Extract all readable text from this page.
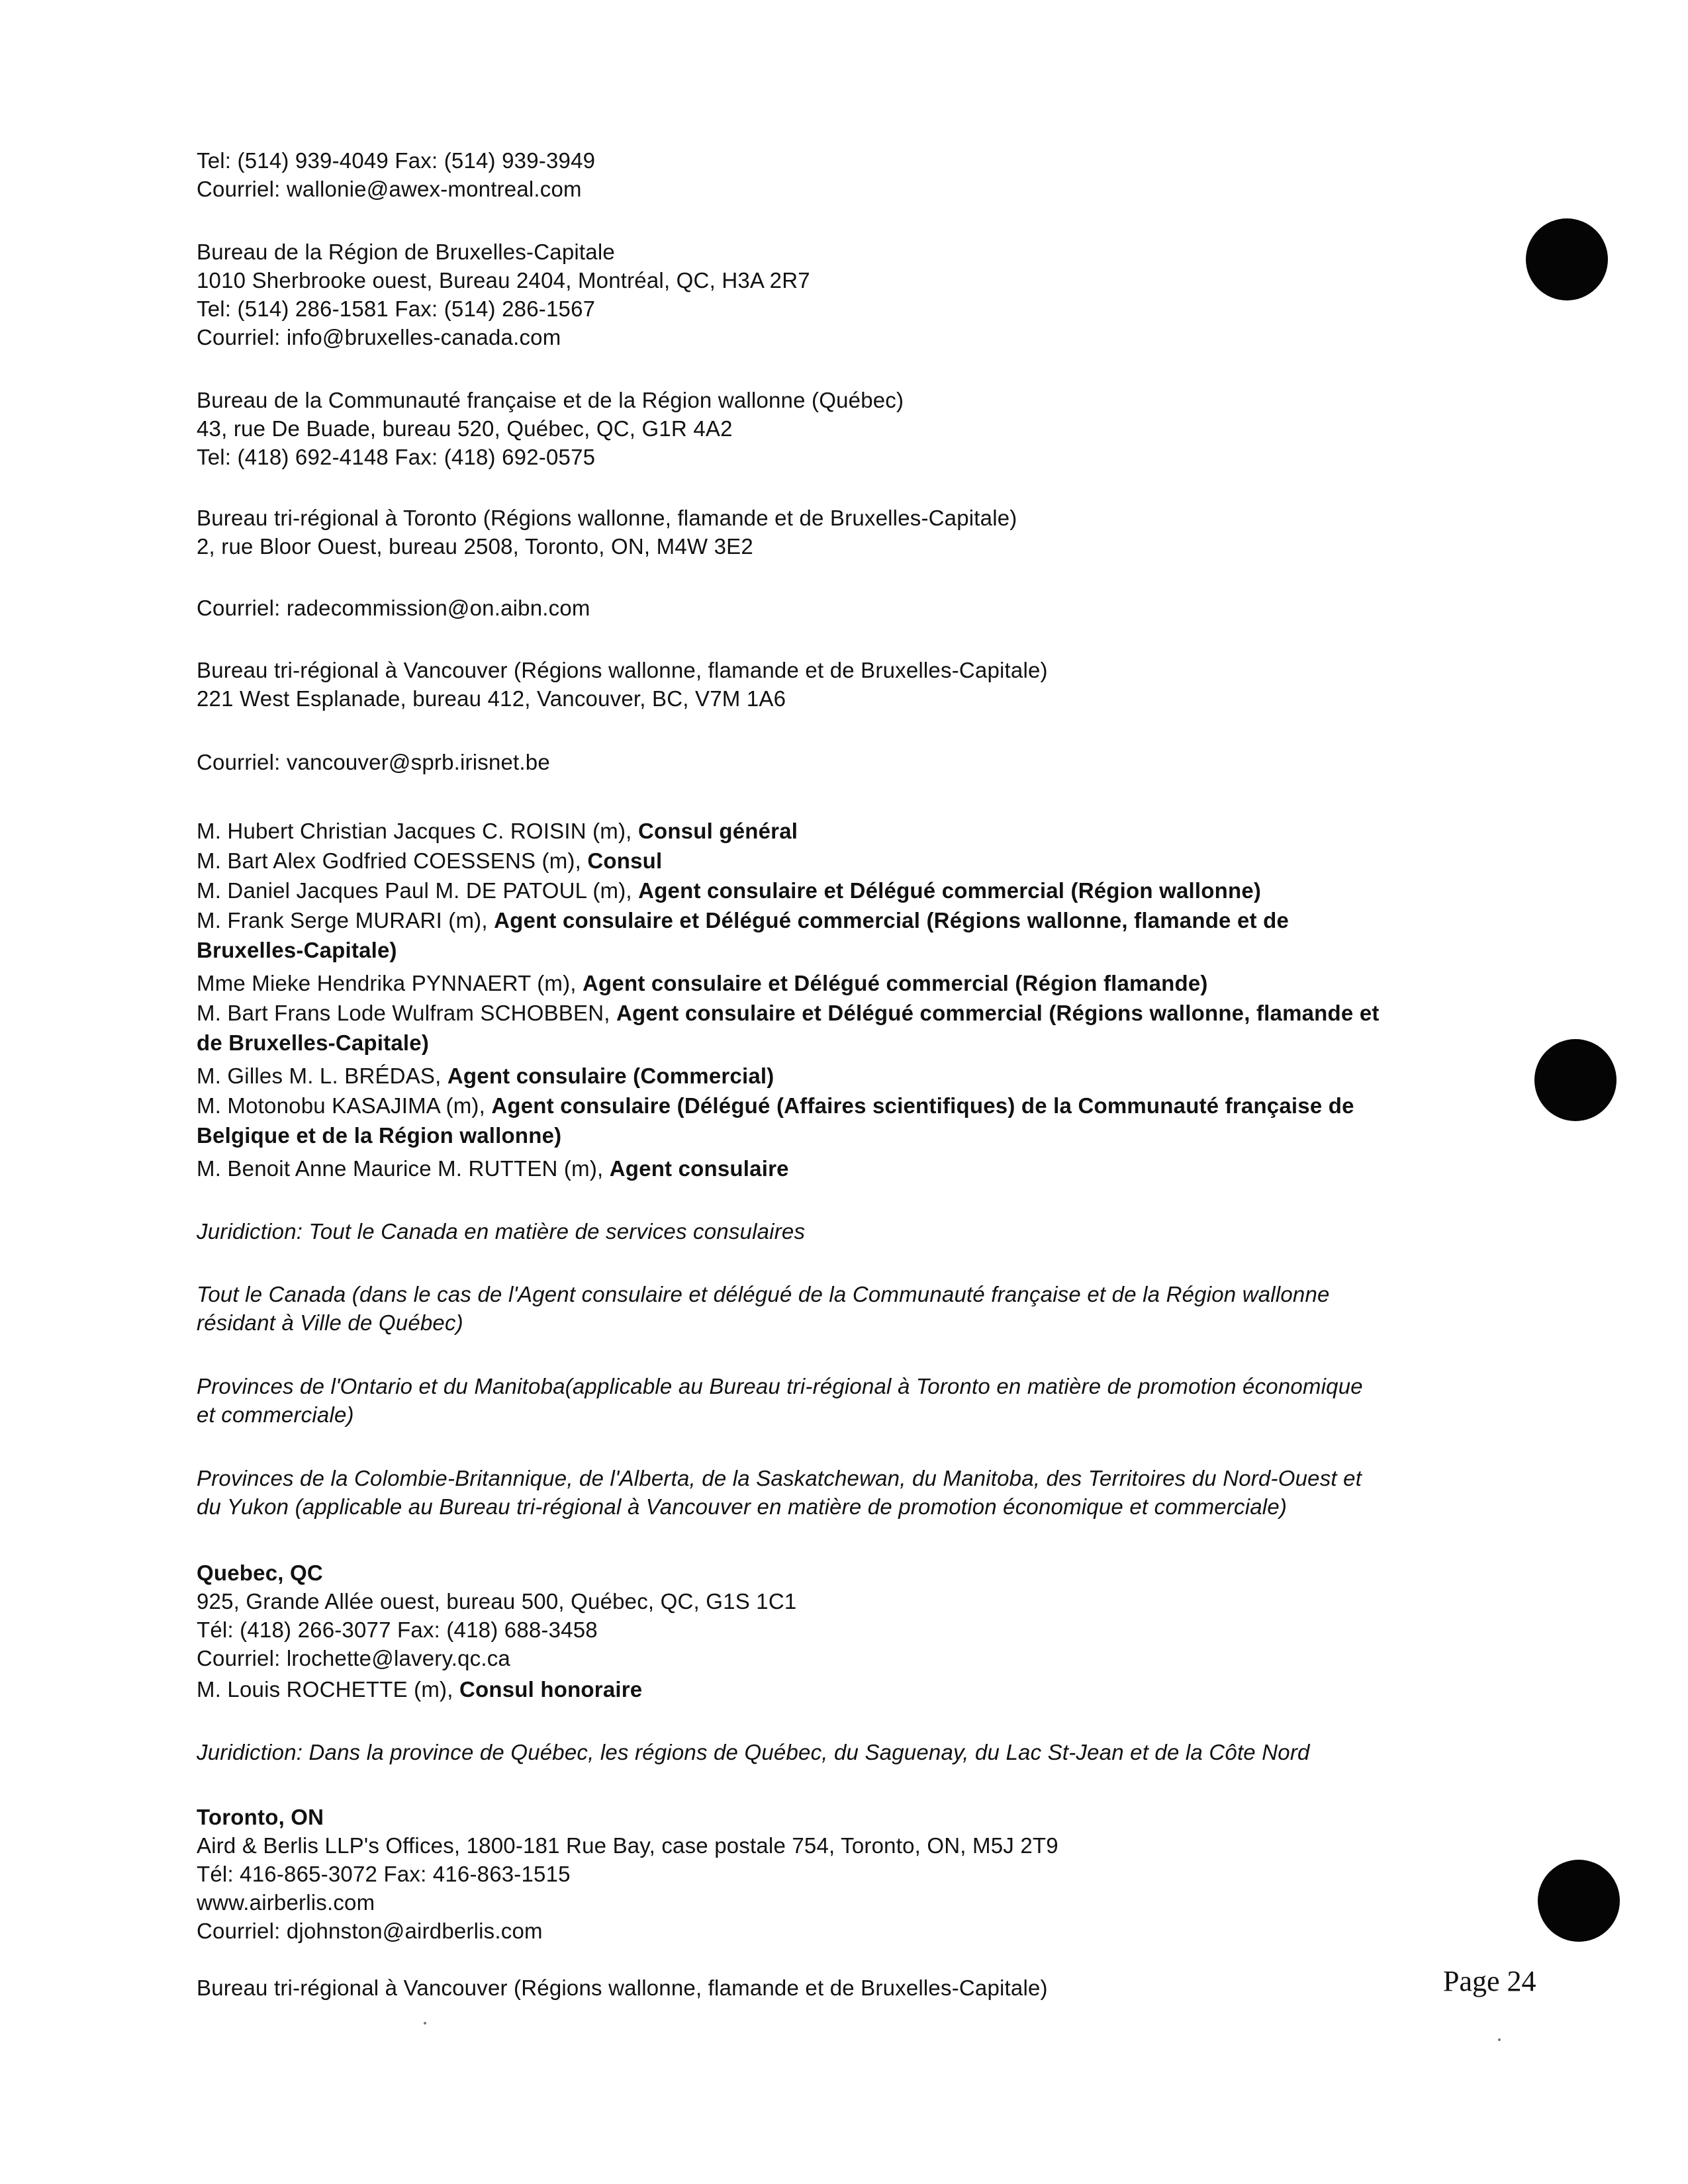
Tel: (514) 939-4049 Fax: (514) 939-3949
Courriel: wallonie@awex-montreal.com
Bureau de la Région de Bruxelles-Capitale
1010 Sherbrooke ouest, Bureau 2404, Montréal, QC, H3A 2R7
Tel: (514) 286-1581 Fax: (514) 286-1567
Courriel: info@bruxelles-canada.com
Bureau de la Communauté française et de la Région wallonne (Québec)
43, rue De Buade, bureau 520, Québec, QC, G1R 4A2
Tel: (418) 692-4148 Fax: (418) 692-0575
Bureau tri-régional à Toronto (Régions wallonne, flamande et de Bruxelles-Capitale)
2, rue Bloor Ouest, bureau 2508, Toronto, ON, M4W 3E2
Courriel: radecommission@on.aibn.com
Bureau tri-régional à Vancouver (Régions wallonne, flamande et de Bruxelles-Capitale)
221 West Esplanade, bureau 412, Vancouver, BC, V7M 1A6
Courriel: vancouver@sprb.irisnet.be
M. Hubert Christian Jacques C. ROISIN (m), Consul général
M. Bart Alex Godfried COESSENS (m), Consul
M. Daniel Jacques Paul M. DE PATOUL (m), Agent consulaire et Délégué commercial (Région wallonne)
M. Frank Serge MURARI (m), Agent consulaire et Délégué commercial (Régions wallonne, flamande et de
Bruxelles-Capitale)
Mme Mieke Hendrika PYNNAERT (m), Agent consulaire et Délégué commercial (Région flamande)
M. Bart Frans Lode Wulfram SCHOBBEN, Agent consulaire et Délégué commercial (Régions wallonne, flamande et
de Bruxelles-Capitale)
M. Gilles M. L. BRÉDAS, Agent consulaire (Commercial)
M. Motonobu KASAJIMA (m), Agent consulaire (Délégué (Affaires scientifiques) de la Communauté française de
Belgique et de la Région wallonne)
M. Benoit Anne Maurice M. RUTTEN (m), Agent consulaire
Juridiction: Tout le Canada en matière de services consulaires
Tout le Canada (dans le cas de l'Agent consulaire et délégué de la Communauté française et de la Région wallonne
résidant à Ville de Québec)
Provinces de l'Ontario et du Manitoba(applicable au Bureau tri-régional à Toronto en matière de promotion économique
et commerciale)
Provinces de la Colombie-Britannique, de l'Alberta, de la Saskatchewan, du Manitoba, des Territoires du Nord-Ouest et
du Yukon (applicable au Bureau tri-régional à Vancouver en matière de promotion économique et commerciale)
Quebec, QC
925, Grande Allée ouest, bureau 500, Québec, QC, G1S 1C1
Tél: (418) 266-3077 Fax: (418) 688-3458
Courriel: lrochette@lavery.qc.ca
M. Louis ROCHETTE (m), Consul honoraire
Juridiction: Dans la province de Québec, les régions de Québec, du Saguenay, du Lac St-Jean et de la Côte Nord
Toronto, ON
Aird & Berlis LLP's Offices, 1800-181 Rue Bay, case postale 754, Toronto, ON, M5J 2T9
Tél: 416-865-3072 Fax: 416-863-1515
www.airberlis.com
Courriel: djohnston@airdberlis.com
Bureau tri-régional à Vancouver (Régions wallonne, flamande et de Bruxelles-Capitale)	Page 24
